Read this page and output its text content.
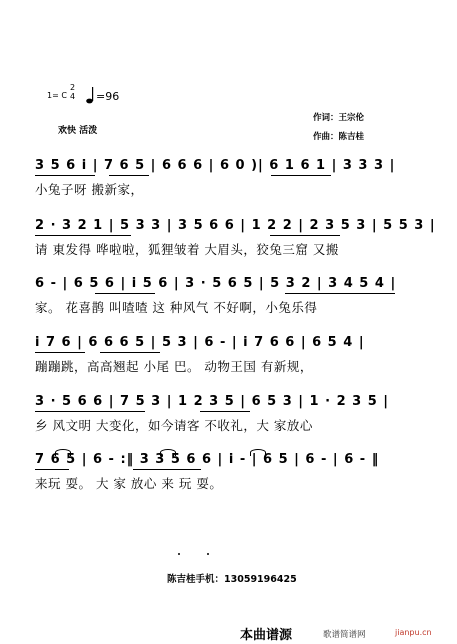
1= C
2
4 =96
作词：王宗伦
作曲：陈吉桂
欢快 活泼
3 5 6 i | 7 6 5 | 6 6 6 | 6 0 )| 6 1 6 1 | 3 3 3 |
小兔子呀 搬新家，
2 · 3 2 1 | 5 3 3 | 3 5 6 6 | 1 2 2 | 2 3 5 3 | 5 5 3 |
请 東发得 哗啦啦，狐狸皱着 大眉头，狡兔三窟 又搬
6 - | 6 5 6 | i 5 6 | 3 · 5 6 5 | 5 3 2 | 3 4 5 4 |
家。 花喜鹊 叫喳喳 这 种风气 不好啊，小兔乐得
i 7 6 | 6 6 6 5 | 5 3 | 6 - | i 7 6 6 | 6 5 4 |
蹦蹦跳，高高翘起 小尾 巴。 动物王国 有新规，
3 · 5 6 6 | 7 5 3 | 1 2 3 5 | 6 5 3 | 1 · 2 3 5 |
乡 风文明 大变化，如今请客 不收礼，大 家放心
7 6 5 | 6 - :‖ 3 3 5 6 6 | i - | 6 5 | 6 - | 6 - ‖
来玩 耍。 大 家 放心 来 玩 耍。
陈吉桂手机：13059196425
本曲谱源	歌谱简谱网	jianpu.cn
